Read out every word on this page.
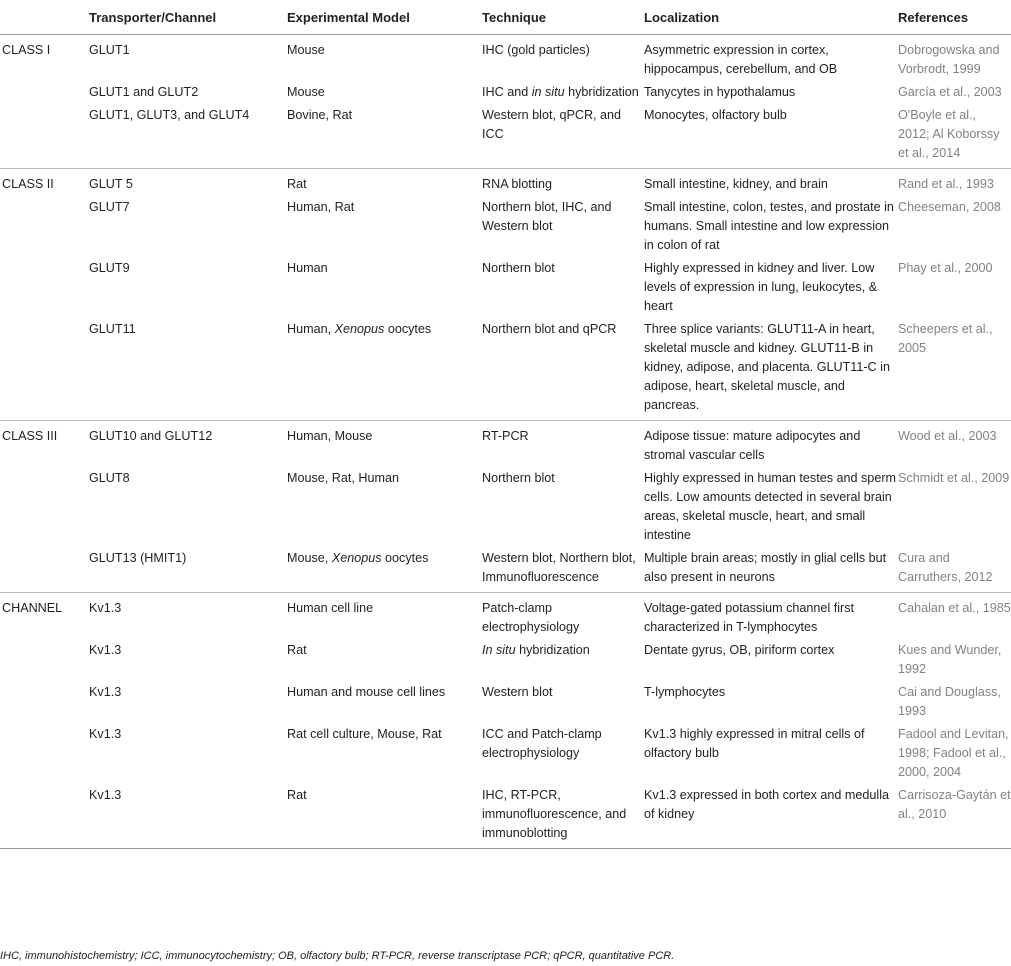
	Transporter/Channel	Experimental Model	Technique	Localization	References
CLASS I	GLUT1	Mouse	IHC (gold particles)	Asymmetric expression in cortex, hippocampus, cerebellum, and OB	Dobrogowska and Vorbrodt, 1999
	GLUT1 and GLUT2	Mouse	IHC and in situ hybridization	Tanycytes in hypothalamus	García et al., 2003
	GLUT1, GLUT3, and GLUT4	Bovine, Rat	Western blot, qPCR, and ICC	Monocytes, olfactory bulb	O'Boyle et al., 2012; Al Koborssy et al., 2014
CLASS II	GLUT 5	Rat	RNA blotting	Small intestine, kidney, and brain	Rand et al., 1993
	GLUT7	Human, Rat	Northern blot, IHC, and Western blot	Small intestine, colon, testes, and prostate in humans. Small intestine and low expression in colon of rat	Cheeseman, 2008
	GLUT9	Human	Northern blot	Highly expressed in kidney and liver. Low levels of expression in lung, leukocytes, & heart	Phay et al., 2000
	GLUT11	Human, Xenopus oocytes	Northern blot and qPCR	Three splice variants: GLUT11-A in heart, skeletal muscle and kidney. GLUT11-B in kidney, adipose, and placenta. GLUT11-C in adipose, heart, skeletal muscle, and pancreas.	Scheepers et al., 2005
CLASS III	GLUT10 and GLUT12	Human, Mouse	RT-PCR	Adipose tissue: mature adipocytes and stromal vascular cells	Wood et al., 2003
	GLUT8	Mouse, Rat, Human	Northern blot	Highly expressed in human testes and sperm cells. Low amounts detected in several brain areas, skeletal muscle, heart, and small intestine	Schmidt et al., 2009
	GLUT13 (HMIT1)	Mouse, Xenopus oocytes	Western blot, Northern blot, Immunofluorescence	Multiple brain areas; mostly in glial cells but also present in neurons	Cura and Carruthers, 2012
CHANNEL	Kv1.3	Human cell line	Patch-clamp electrophysiology	Voltage-gated potassium channel first characterized in T-lymphocytes	Cahalan et al., 1985
	Kv1.3	Rat	In situ hybridization	Dentate gyrus, OB, piriform cortex	Kues and Wunder, 1992
	Kv1.3	Human and mouse cell lines	Western blot	T-lymphocytes	Cai and Douglass, 1993
	Kv1.3	Rat cell culture, Mouse, Rat	ICC and Patch-clamp electrophysiology	Kv1.3 highly expressed in mitral cells of olfactory bulb	Fadool and Levitan, 1998; Fadool et al., 2000, 2004
	Kv1.3	Rat	IHC, RT-PCR, immunofluorescence, and immunoblotting	Kv1.3 expressed in both cortex and medulla of kidney	Carrisoza-Gaytán et al., 2010
IHC, immunohistochemistry; ICC, immunocytochemistry; OB, olfactory bulb; RT-PCR, reverse transcriptase PCR; qPCR, quantitative PCR.
